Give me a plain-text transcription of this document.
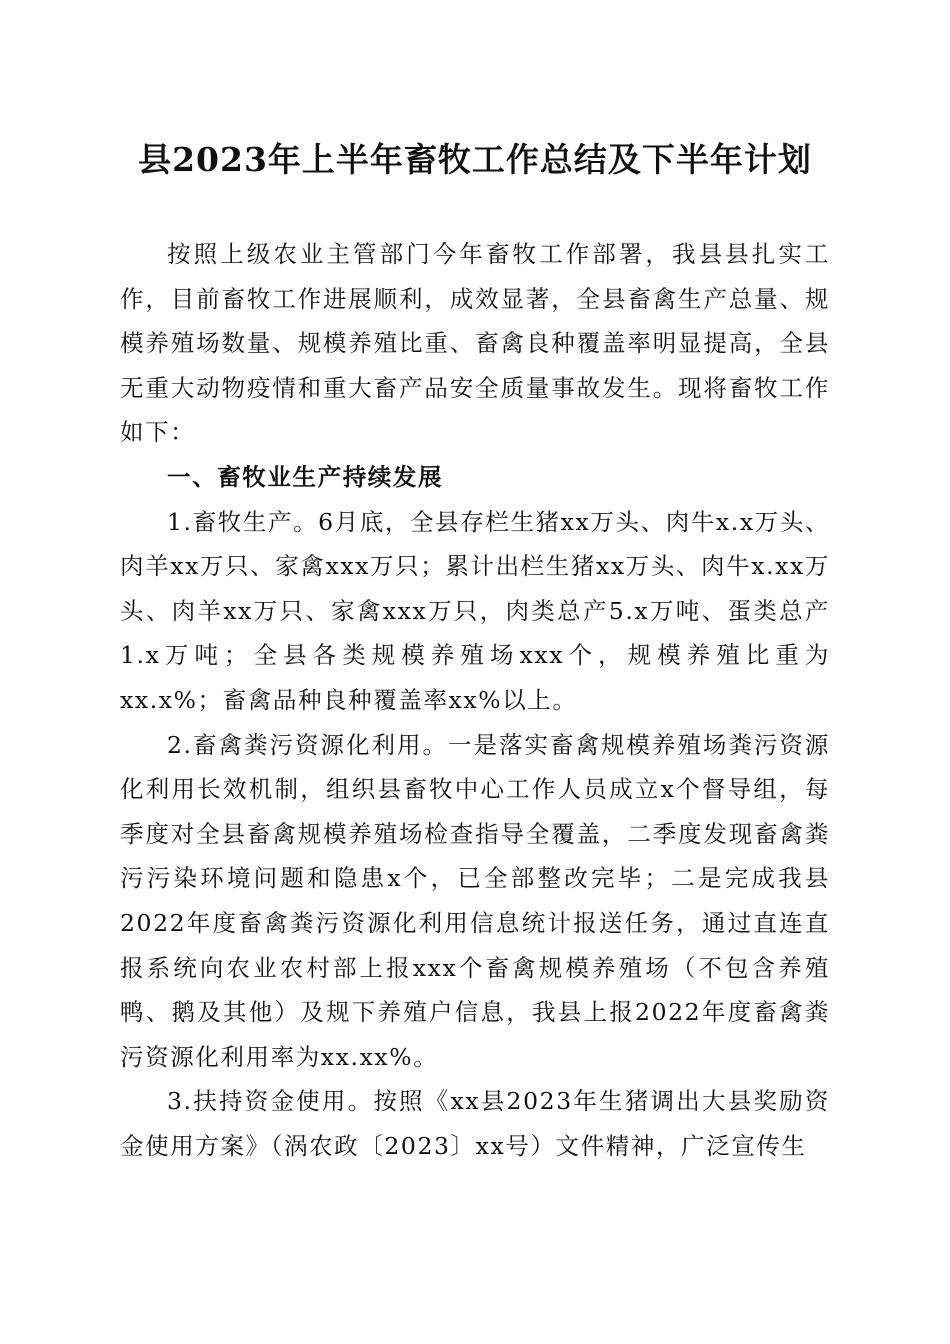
县2023年上半年畜牧工作总结及下半年计划

按照上级农业主管部门今年畜牧工作部署，我县县扎实工作，目前畜牧工作进展顺利，成效显著，全县畜禽生产总量、规模养殖场数量、规模养殖比重、畜禽良种覆盖率明显提高，全县无重大动物疫情和重大畜产品安全质量事故发生。现将畜牧工作如下：

一、畜牧业生产持续发展

1.畜牧生产。6月底，全县存栏生猪xx万头、肉牛x.x万头、肉羊xx万只、家禽xxx万只；累计出栏生猪xx万头、肉牛x.xx万头、肉羊xx万只、家禽xxx万只，肉类总产5.x万吨、蛋类总产1.x万吨；全县各类规模养殖场xxx个，规模养殖比重为xx.x%；畜禽品种良种覆盖率xx%以上。

2.畜禽粪污资源化利用。一是落实畜禽规模养殖场粪污资源化利用长效机制，组织县畜牧中心工作人员成立x个督导组，每季度对全县畜禽规模养殖场检查指导全覆盖，二季度发现畜禽粪污污染环境问题和隐患x个，已全部整改完毕；二是完成我县2022年度畜禽粪污资源化利用信息统计报送任务，通过直连直报系统向农业农村部上报xxx个畜禽规模养殖场（不包含养殖鸭、鹅及其他）及规下养殖户信息，我县上报2022年度畜禽粪污资源化利用率为xx.xx%。

3.扶持资金使用。按照《xx县2023年生猪调出大县奖励资金使用方案》（涡农政〔2023〕xx号）文件精神，广泛宣传生
